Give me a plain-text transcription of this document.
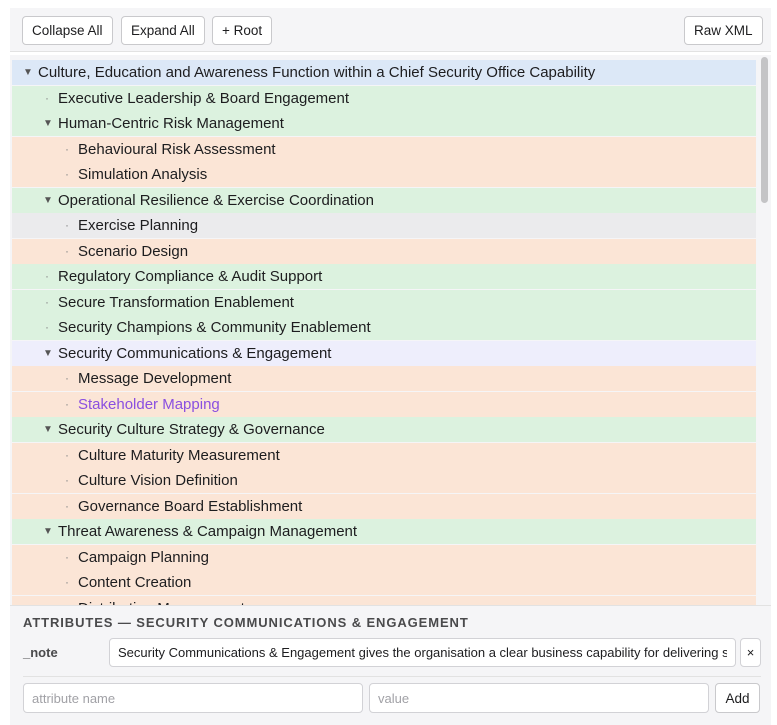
Collapse All	Expand All	+ Root	Raw XML
▼ Culture, Education and Awareness Function within a Chief Security Office Capability
· Executive Leadership & Board Engagement
▼ Human-Centric Risk Management
· Behavioural Risk Assessment
· Simulation Analysis
▼ Operational Resilience & Exercise Coordination
· Exercise Planning
· Scenario Design
· Regulatory Compliance & Audit Support
· Secure Transformation Enablement
· Security Champions & Community Enablement
▼ Security Communications & Engagement
· Message Development
· Stakeholder Mapping
▼ Security Culture Strategy & Governance
· Culture Maturity Measurement
· Culture Vision Definition
· Governance Board Establishment
▼ Threat Awareness & Campaign Management
· Campaign Planning
· Content Creation
ATTRIBUTES — SECURITY COMMUNICATIONS & ENGAGEMENT
_note
Security Communications & Engagement gives the organisation a clear business capability for delivering security communications and engagement.	×
attribute name
value
Add
